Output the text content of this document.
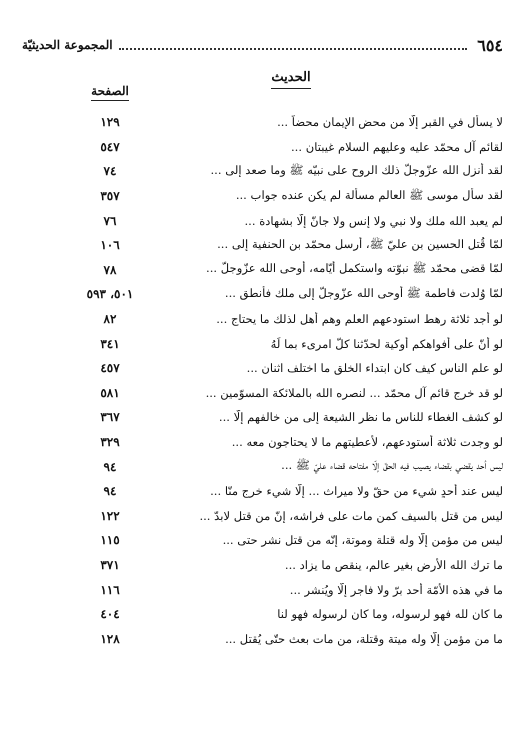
٦٥٤
المجموعة الحديثيّة
الحديث
الصفحة
لا يسأل في القبر إلّا من محض الإيمان محضاً ...
١٢٩
لقائم آل محمّد عليه وعليهم السلام غيبتان ...
٥٤٧
لقد أنزل الله عزّوجلّ ذلك الروح على نبيّه ﷺ وما صعد إلى ...
٧٤
لقد سأل موسى ﷺ العالم مسألة لم يكن عنده جواب ...
٣٥٧
لم يعبد الله ملك ولا نبي ولا إنس ولا جانّ إلّا بشهادة ...
٧٦
لمّا قُتل الحسين بن عليّ ﷺ، أرسل محمّد بن الحنفية إلى ...
١٠٦
لمّا قضى محمّد ﷺ نبوّته واستكمل أيّامه، أوحى الله عزّوجلّ ...
٧٨
لمّا وُلدت فاطمة ﷺ أوحى الله عزّوجلّ إلى ملك فأنطق ...
٥٠١، ٥٩٣
لو أجد ثلاثة رهط استودعهم العلم وهم أهل لذلك ما يحتاج ...
٨٢
لو أنّ على أفواهكم أوكية لحدّثنا كلّ امرىء بما لَهُ
٣٤١
لو علم الناس كيف كان ابتداء الخلق ما اختلف اثنان ...
٤٥٧
لو قد خرج قائم آل محمّد ... لنصره الله بالملائكة المسوّمين ...
٥٨١
لو كشف الغطاء للناس ما نظر الشيعة إلى من خالفهم إلّا ...
٣٦٧
لو وجدت ثلاثة أستودعهم، لأعطيتهم ما لا يحتاجون معه ...
٣٢٩
ليس أحد يقضي بقضاء يصيب فيه الحقّ إلّا مفتاحه قضاء عليّ ﷺ ...
٩٤
ليس عند أحدٍ شيء من حقّ ولا ميراث ... إلّا شيء خرج منّا ...
٩٤
ليس من قتل بالسيف كمن مات على فراشه، إنّ من قتل لابدّ ...
١٢٢
ليس من مؤمن إلّا وله قتلة وموتة، إنّه من قتل نشر حتى ...
١١٥
ما ترك الله الأرض بغير عالم، ينقص ما يزاد ...
٣٧١
ما في هذه الأمّة أحد برّ ولا فاجر إلّا ويُنشر ...
١١٦
ما كان لله فهو لرسوله، وما كان لرسوله فهو لنا
٤٠٤
ما من مؤمن إلّا وله ميتة وقتلة، من مات بعث حتّى يُقتل ...
١٢٨
